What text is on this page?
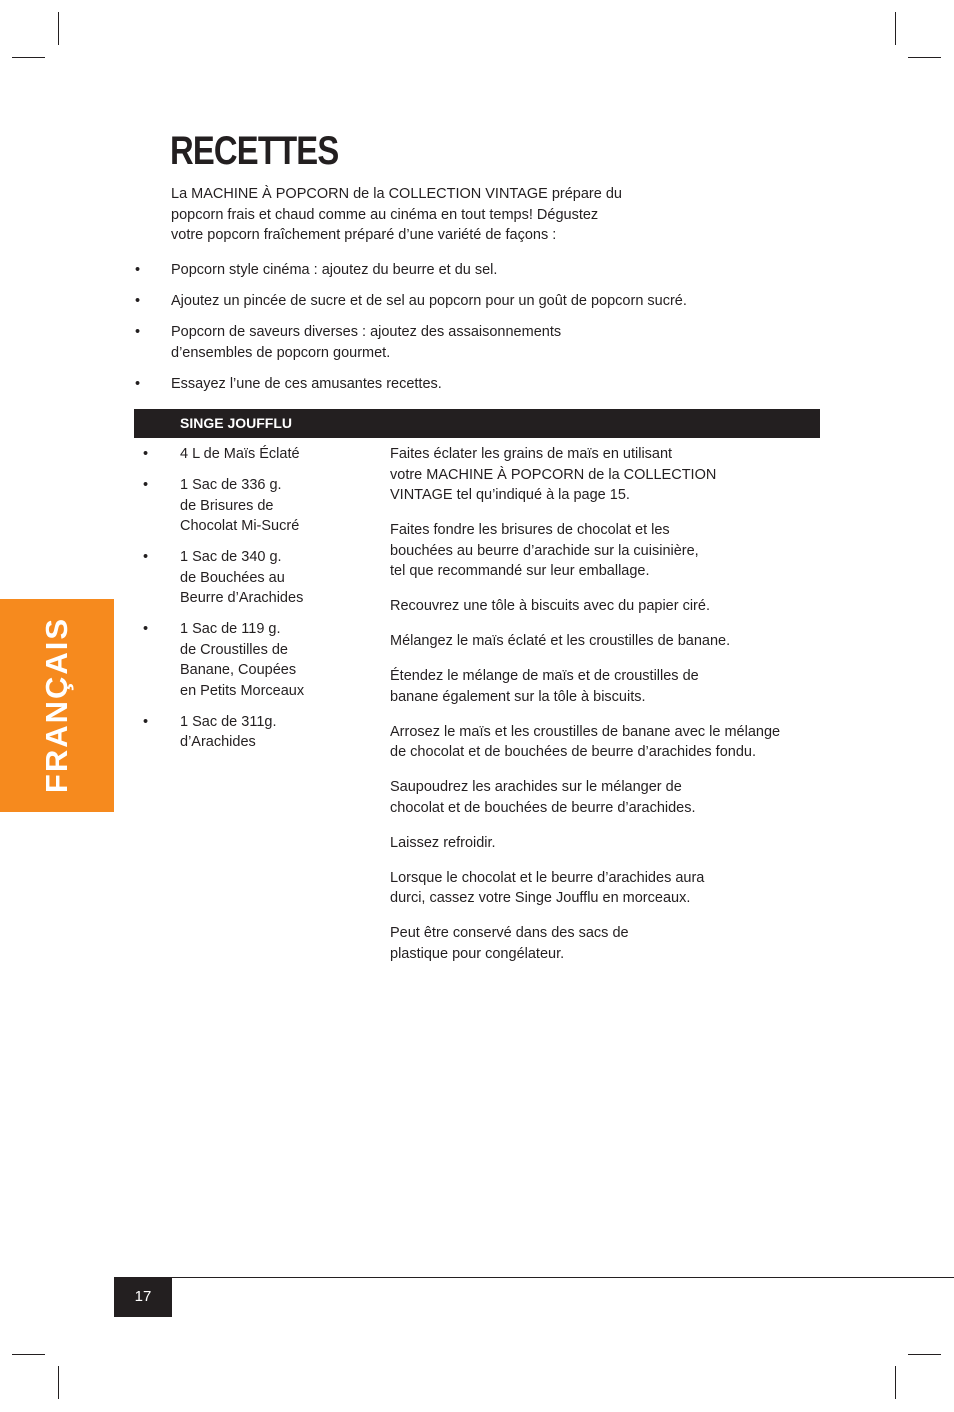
RECETTES

La MACHINE À POPCORN de la COLLECTION VINTAGE prépare du
popcorn frais et chaud comme au cinéma en tout temps! Dégustez
votre popcorn fraîchement préparé d’une variété de façons :

• Popcorn style cinéma : ajoutez du beurre et du sel.
• Ajoutez un pincée de sucre et de sel au popcorn pour un goût de popcorn sucré.
• Popcorn de saveurs diverses : ajoutez des assaisonnements
d’ensembles de popcorn gourmet.
• Essayez l’une de ces amusantes recettes.
SINGE JOUFFLU
• 4 L de Maïs Éclaté
• 1 Sac de 336 g.
de Brisures de
Chocolat Mi-Sucré
• 1 Sac de 340 g.
de Bouchées au
Beurre d’Arachides
• 1 Sac de 119 g.
de Croustilles de
Banane, Coupées
en Petits Morceaux
• 1 Sac de 311g.
d’Arachides

Faites éclater les grains de maïs en utilisant
votre MACHINE À POPCORN de la COLLECTION
VINTAGE tel qu’indiqué à la page 15.

Faites fondre les brisures de chocolat et les
bouchées au beurre d’arachide sur la cuisinière,
tel que recommandé sur leur emballage.

Recouvrez une tôle à biscuits avec du papier ciré.

Mélangez le maïs éclaté et les croustilles de banane.

Étendez le mélange de maïs et de croustilles de
banane également sur la tôle à biscuits.

Arrosez le maïs et les croustilles de banane avec le mélange
de chocolat et de bouchées de beurre d’arachides fondu.

Saupoudrez les arachides sur le mélanger de
chocolat et de bouchées de beurre d’arachides.

Laissez refroidir.

Lorsque le chocolat et le beurre d’arachides aura
durci, cassez votre Singe Joufflu en morceaux.

Peut être conservé dans des sacs de
plastique pour congélateur.

FRANÇAIS
17
